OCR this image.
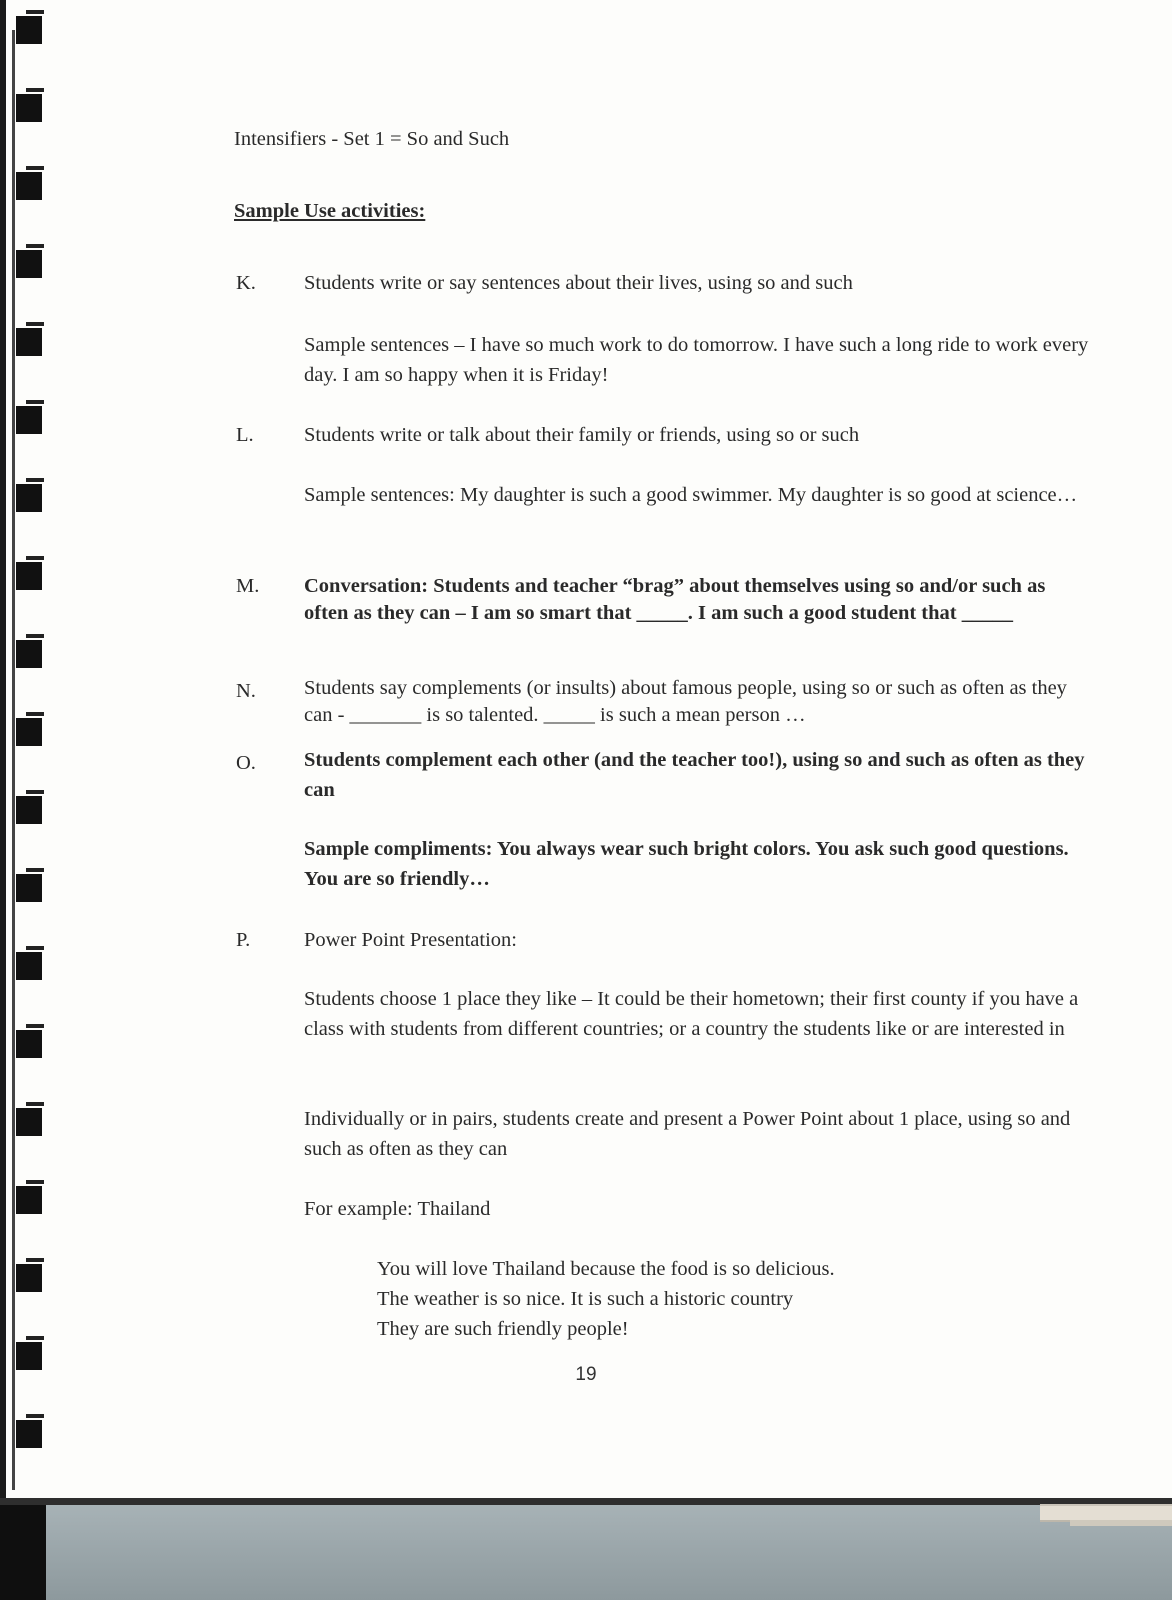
Intensifiers - Set 1 = So and Such

Sample Use activities:

K. Students write or say sentences about their lives, using so and such
Sample sentences – I have so much work to do tomorrow. I have such a long ride to work every day. I am so happy when it is Friday!
L. Students write or talk about their family or friends, using so or such
Sample sentences: My daughter is such a good swimmer. My daughter is so good at science…
M. Conversation: Students and teacher “brag” about themselves using so and/or such as often as they can – I am so smart that _____. I am such a good student that _____
N. Students say complements (or insults) about famous people, using so or such as often as they can - _______ is so talented. _____ is such a mean person …
O. Students complement each other (and the teacher too!), using so and such as often as they can
Sample compliments: You always wear such bright colors. You ask such good questions. You are so friendly…
P.	Power Point Presentation:
Students choose 1 place they like – It could be their hometown; their first county if you have a class with students from different countries; or a country the students like or are interested in
Individually or in pairs, students create and present a Power Point about 1 place, using so and such as often as they can
For example: Thailand
You will love Thailand because the food is so delicious.
The weather is so nice. It is such a historic country
They are such friendly people!
19
